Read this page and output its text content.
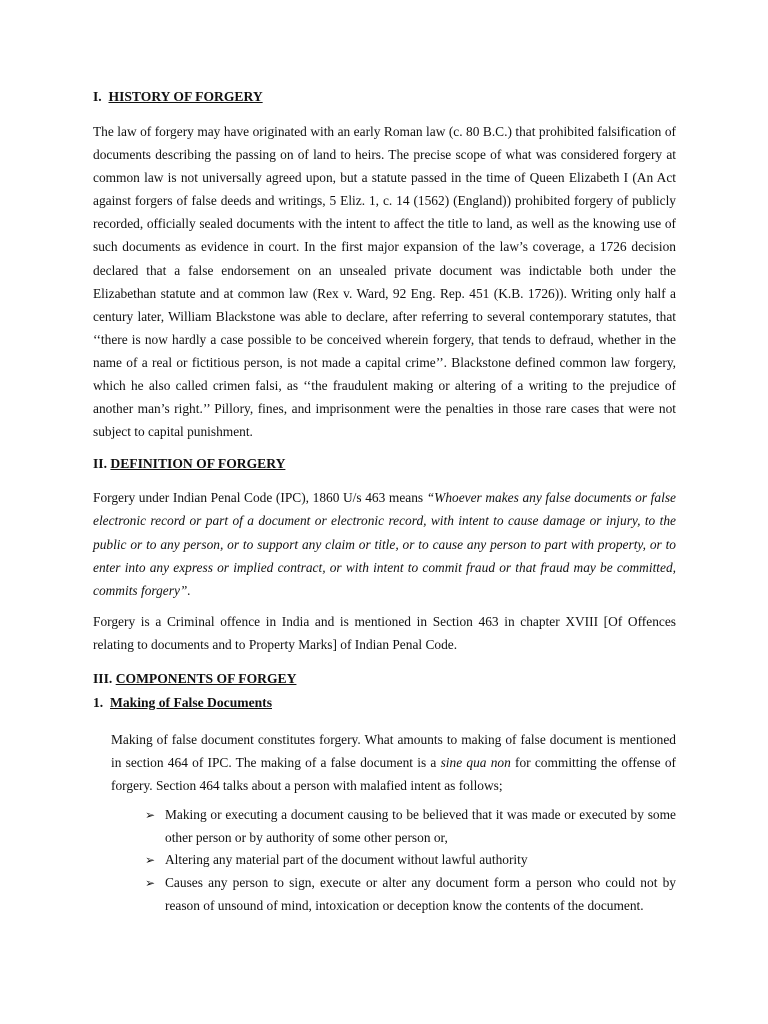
I. HISTORY OF FORGERY

The law of forgery may have originated with an early Roman law (c. 80 B.C.) that prohibited falsification of documents describing the passing on of land to heirs. The precise scope of what was considered forgery at common law is not universally agreed upon, but a statute passed in the time of Queen Elizabeth I (An Act against forgers of false deeds and writings, 5 Eliz. 1, c. 14 (1562) (England)) prohibited forgery of publicly recorded, officially sealed documents with the intent to affect the title to land, as well as the knowing use of such documents as evidence in court. In the first major expansion of the law’s coverage, a 1726 decision declared that a false endorsement on an unsealed private document was indictable both under the Elizabethan statute and at common law (Rex v. Ward, 92 Eng. Rep. 451 (K.B. 1726)). Writing only half a century later, William Blackstone was able to declare, after referring to several contemporary statutes, that ‘‘there is now hardly a case possible to be conceived wherein forgery, that tends to defraud, whether in the name of a real or fictitious person, is not made a capital crime’’. Blackstone defined common law forgery, which he also called crimen falsi, as ‘‘the fraudulent making or altering of a writing to the prejudice of another man’s right.’’ Pillory, fines, and imprisonment were the penalties in those rare cases that were not subject to capital punishment.

II. DEFINITION OF FORGERY

Forgery under Indian Penal Code (IPC), 1860 U/s 463 means “Whoever makes any false documents or false electronic record or part of a document or electronic record, with intent to cause damage or injury, to the public or to any person, or to support any claim or title, or to cause any person to part with property, or to enter into any express or implied contract, or with intent to commit fraud or that fraud may be committed, commits forgery”.

Forgery is a Criminal offence in India and is mentioned in Section 463 in chapter XVIII [Of Offences relating to documents and to Property Marks] of Indian Penal Code.

III. COMPONENTS OF FORGEY

1. Making of False Documents

Making of false document constitutes forgery. What amounts to making of false document is mentioned in section 464 of IPC. The making of a false document is a sine qua non for committing the offense of forgery. Section 464 talks about a person with malafied intent as follows;

➢ Making or executing a document causing to be believed that it was made or executed by some other person or by authority of some other person or,
➢ Altering any material part of the document without lawful authority
➢ Causes any person to sign, execute or alter any document form a person who could not by reason of unsound of mind, intoxication or deception know the contents of the document.
